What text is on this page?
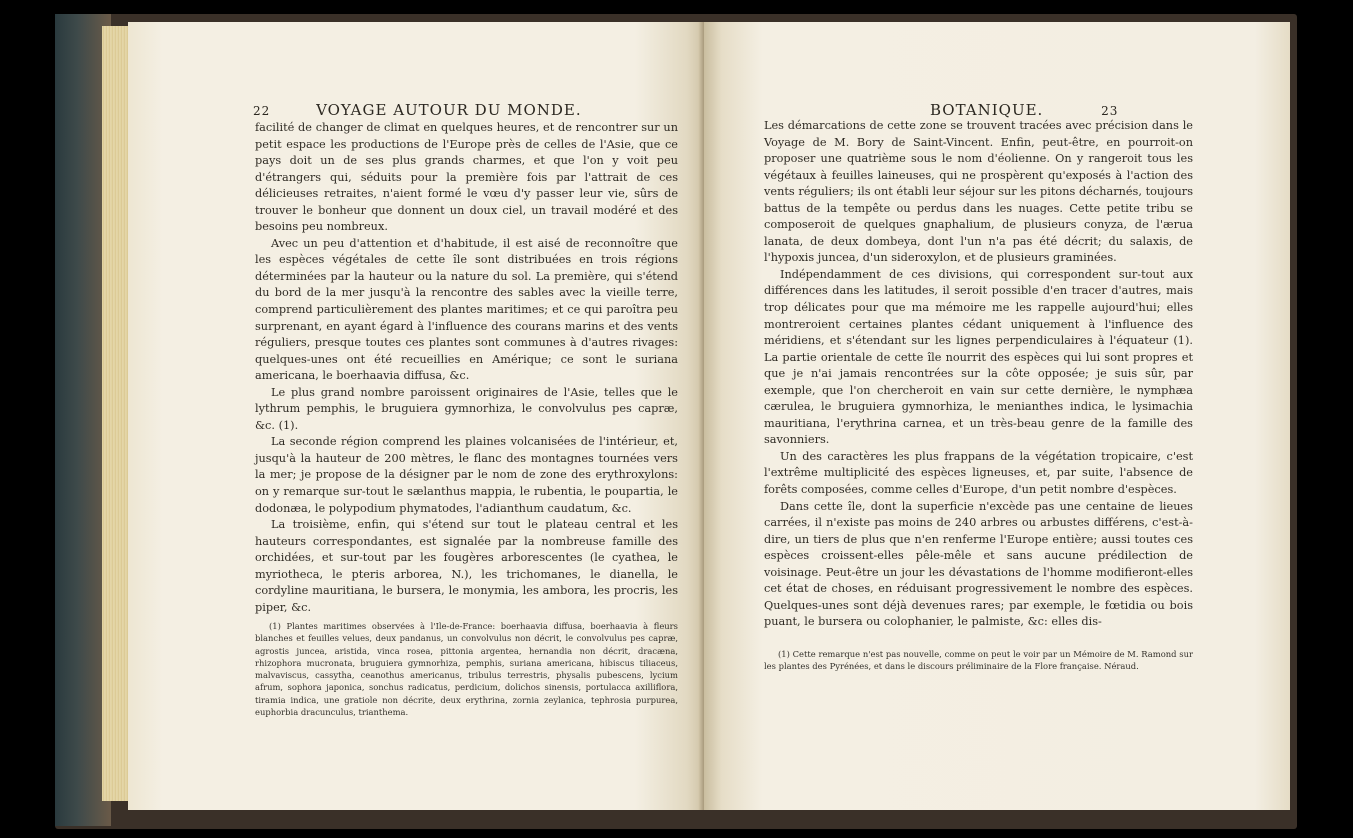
22	VOYAGE AUTOUR DU MONDE.

facilité de changer de climat en quelques heures, et de rencontrer sur un petit espace les productions de l'Europe près de celles de l'Asie, que ce pays doit un de ses plus grands charmes, et que l'on y voit peu d'étrangers qui, séduits pour la première fois par l'attrait de ces délicieuses retraites, n'aient formé le vœu d'y passer leur vie, sûrs de trouver le bonheur que donnent un doux ciel, un travail modéré et des besoins peu nombreux.

Avec un peu d'attention et d'habitude, il est aisé de reconnoître que les espèces végétales de cette île sont distribuées en trois régions déterminées par la hauteur ou la nature du sol. La première, qui s'étend du bord de la mer jusqu'à la rencontre des sables avec la vieille terre, comprend particulièrement des plantes maritimes; et ce qui paroîtra peu surprenant, en ayant égard à l'influence des courans marins et des vents réguliers, presque toutes ces plantes sont communes à d'autres rivages: quelques-unes ont été recueillies en Amérique; ce sont le suriana americana, le boerhaavia diffusa, &c.

Le plus grand nombre paroissent originaires de l'Asie, telles que le lythrum pemphis, le bruguiera gymnorhiza, le convolvulus pes capræ, &c. (1).

La seconde région comprend les plaines volcanisées de l'intérieur, et, jusqu'à la hauteur de 200 mètres, le flanc des montagnes tournées vers la mer; je propose de la désigner par le nom de zone des erythroxylons: on y remarque sur-tout le sælanthus mappia, le rubentia, le poupartia, le dodonæa, le polypodium phymatodes, l'adianthum caudatum, &c.

La troisième, enfin, qui s'étend sur tout le plateau central et les hauteurs correspondantes, est signalée par la nombreuse famille des orchidées, et sur-tout par les fougères arborescentes (le cyathea, le myriotheca, le pteris arborea, N.), les trichomanes, le dianella, le cordyline mauritiana, le bursera, le monymia, les ambora, les procris, les piper, &c.

(1) Plantes maritimes observées à l'Ile-de-France: boerhaavia diffusa, boerhaavia à fleurs blanches et feuilles velues, deux pandanus, un convolvulus non décrit, le convolvulus pes capræ, agrostis juncea, aristida, vinca rosea, pittonia argentea, hernandia non décrit, dracæna, rhizophora mucronata, bruguiera gymnorhiza, pemphis, suriana americana, hibiscus tiliaceus, malvaviscus, cassytha, ceanothus americanus, tribulus terrestris, physalis pubescens, lycium afrum, sophora japonica, sonchus radicatus, perdicium, dolichos sinensis, portulacca axilliflora, tiramia indica, une gratiole non décrite, deux erythrina, zornia zeylanica, tephrosia purpurea, euphorbia dracunculus, trianthema.

BOTANIQUE.	23

Les démarcations de cette zone se trouvent tracées avec précision dans le Voyage de M. Bory de Saint-Vincent. Enfin, peut-être, en pourroit-on proposer une quatrième sous le nom d'éolienne. On y rangeroit tous les végétaux à feuilles laineuses, qui ne prospèrent qu'exposés à l'action des vents réguliers; ils ont établi leur séjour sur les pitons décharnés, toujours battus de la tempête ou perdus dans les nuages. Cette petite tribu se composeroit de quelques gnaphalium, de plusieurs conyza, de l'ærua lanata, de deux dombeya, dont l'un n'a pas été décrit; du salaxis, de l'hypoxis juncea, d'un sideroxylon, et de plusieurs graminées.

Indépendamment de ces divisions, qui correspondent sur-tout aux différences dans les latitudes, il seroit possible d'en tracer d'autres, mais trop délicates pour que ma mémoire me les rappelle aujourd'hui; elles montreroient certaines plantes cédant uniquement à l'influence des méridiens, et s'étendant sur les lignes perpendiculaires à l'équateur (1). La partie orientale de cette île nourrit des espèces qui lui sont propres et que je n'ai jamais rencontrées sur la côte opposée; je suis sûr, par exemple, que l'on chercheroit en vain sur cette dernière, le nymphæa cærulea, le bruguiera gymnorhiza, le menianthes indica, le lysimachia mauritiana, l'erythrina carnea, et un très-beau genre de la famille des savonniers.

Un des caractères les plus frappans de la végétation tropicaire, c'est l'extrême multiplicité des espèces ligneuses, et, par suite, l'absence de forêts composées, comme celles d'Europe, d'un petit nombre d'espèces.

Dans cette île, dont la superficie n'excède pas une centaine de lieues carrées, il n'existe pas moins de 240 arbres ou arbustes différens, c'est-à-dire, un tiers de plus que n'en renferme l'Europe entière; aussi toutes ces espèces croissent-elles pêle-mêle et sans aucune prédilection de voisinage. Peut-être un jour les dévastations de l'homme modifieront-elles cet état de choses, en réduisant progressivement le nombre des espèces. Quelques-unes sont déjà devenues rares; par exemple, le fœtidia ou bois puant, le bursera ou colophanier, le palmiste, &c: elles dis-

(1) Cette remarque n'est pas nouvelle, comme on peut le voir par un Mémoire de M. Ramond sur les plantes des Pyrénées, et dans le discours préliminaire de la Flore française. Néraud.
